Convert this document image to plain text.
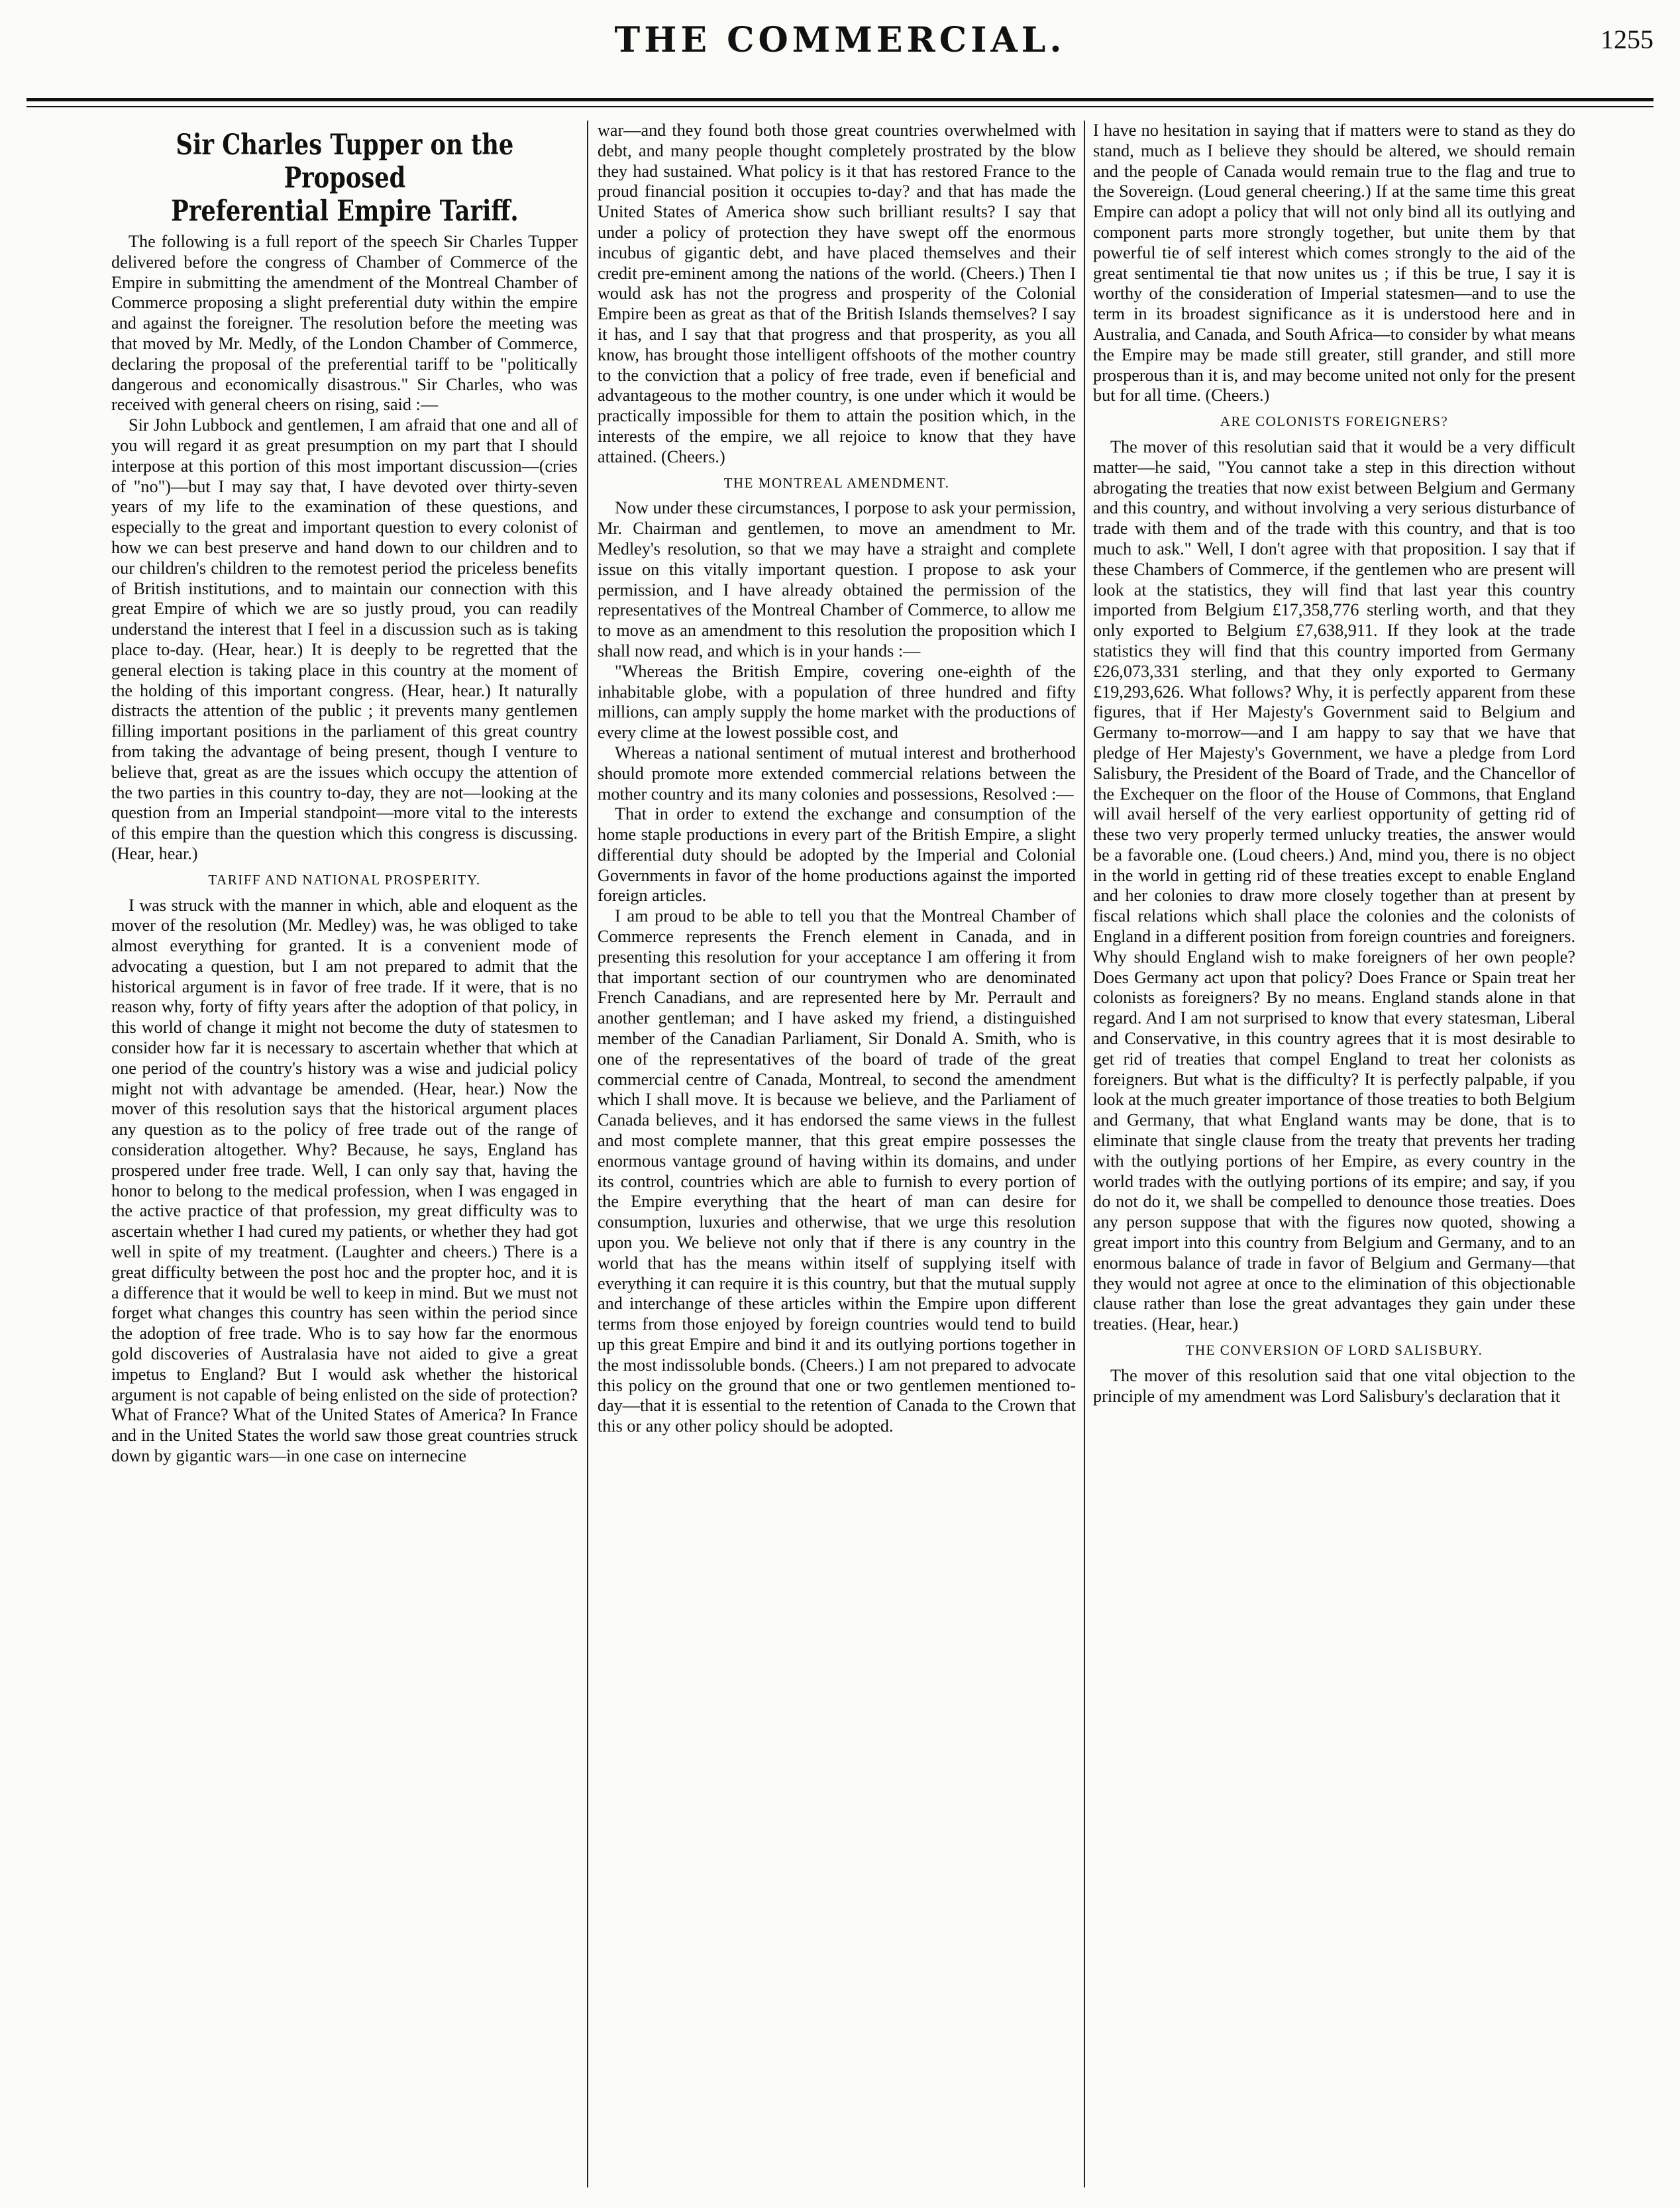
THE COMMERCIAL.	1255
Sir Charles Tupper on the Proposed
Preferential Empire Tariff.

The following is a full report of the speech Sir Charles Tupper delivered before the congress of Chamber of Commerce of the Empire in submitting the amendment of the Montreal Chamber of Commerce proposing a slight preferential duty within the empire and against the foreigner. The resolution before the meeting was that moved by Mr. Medly, of the London Chamber of Commerce, declaring the proposal of the preferential tariff to be "politically dangerous and economically disastrous." Sir Charles, who was received with general cheers on rising, said :—

Sir John Lubbock and gentlemen, I am afraid that one and all of you will regard it as great presumption on my part that I should interpose at this portion of this most important discussion—(cries of "no")—but I may say that, I have devoted over thirty-seven years of my life to the examination of these questions, and especially to the great and important question to every colonist of how we can best preserve and hand down to our children and to our children's children to the remotest period the priceless benefits of British institutions, and to maintain our connection with this great Empire of which we are so justly proud, you can readily understand the interest that I feel in a discussion such as is taking place to-day. (Hear, hear.) It is deeply to be regretted that the general election is taking place in this country at the moment of the holding of this important congress. (Hear, hear.) It naturally distracts the attention of the public ; it prevents many gentlemen filling important positions in the parliament of this great country from taking the advantage of being present, though I venture to believe that, great as are the issues which occupy the attention of the two parties in this country to-day, they are not—looking at the question from an Imperial standpoint—more vital to the interests of this empire than the question which this congress is discussing. (Hear, hear.)

TARIFF AND NATIONAL PROSPERITY.

I was struck with the manner in which, able and eloquent as the mover of the resolution (Mr. Medley) was, he was obliged to take almost everything for granted. It is a convenient mode of advocating a question, but I am not prepared to admit that the historical argument is in favor of free trade. If it were, that is no reason why, forty of fifty years after the adoption of that policy, in this world of change it might not become the duty of statesmen to consider how far it is necessary to ascertain whether that which at one period of the country's history was a wise and judicial policy might not with advantage be amended. (Hear, hear.) Now the mover of this resolution says that the historical argument places any question as to the policy of free trade out of the range of consideration altogether. Why? Because, he says, England has prospered under free trade. Well, I can only say that, having the honor to belong to the medical profession, when I was engaged in the active practice of that profession, my great difficulty was to ascertain whether I had cured my patients, or whether they had got well in spite of my treatment. (Laughter and cheers.) There is a great difficulty between the post hoc and the propter hoc, and it is a difference that it would be well to keep in mind. But we must not forget what changes this country has seen within the period since the adoption of free trade. Who is to say how far the enormous gold discoveries of Australasia have not aided to give a great impetus to England? But I would ask whether the historical argument is not capable of being enlisted on the side of protection? What of France? What of the United States of America? In France and in the United States the world saw those great countries struck down by gigantic wars—in one case on internecine

war—and they found both those great countries overwhelmed with debt, and many people thought completely prostrated by the blow they had sustained. What policy is it that has restored France to the proud financial position it occupies to-day? and that has made the United States of America show such brilliant results? I say that under a policy of protection they have swept off the enormous incubus of gigantic debt, and have placed themselves and their credit pre-eminent among the nations of the world. (Cheers.) Then I would ask has not the progress and prosperity of the Colonial Empire been as great as that of the British Islands themselves? I say it has, and I say that that progress and that prosperity, as you all know, has brought those intelligent offshoots of the mother country to the conviction that a policy of free trade, even if beneficial and advantageous to the mother country, is one under which it would be practically impossible for them to attain the position which, in the interests of the empire, we all rejoice to know that they have attained. (Cheers.)

THE MONTREAL AMENDMENT.

Now under these circumstances, I porpose to ask your permission, Mr. Chairman and gentlemen, to move an amendment to Mr. Medley's resolution, so that we may have a straight and complete issue on this vitally important question. I propose to ask your permission, and I have already obtained the permission of the representatives of the Montreal Chamber of Commerce, to allow me to move as an amendment to this resolution the proposition which I shall now read, and which is in your hands :—

"Whereas the British Empire, covering one-eighth of the inhabitable globe, with a population of three hundred and fifty millions, can amply supply the home market with the productions of every clime at the lowest possible cost, and

Whereas a national sentiment of mutual interest and brotherhood should promote more extended commercial relations between the mother country and its many colonies and possessions, Resolved :—

That in order to extend the exchange and consumption of the home staple productions in every part of the British Empire, a slight differential duty should be adopted by the Imperial and Colonial Governments in favor of the home productions against the imported foreign articles.

I am proud to be able to tell you that the Montreal Chamber of Commerce represents the French element in Canada, and in presenting this resolution for your acceptance I am offering it from that important section of our countrymen who are denominated French Canadians, and are represented here by Mr. Perrault and another gentleman; and I have asked my friend, a distinguished member of the Canadian Parliament, Sir Donald A. Smith, who is one of the representatives of the board of trade of the great commercial centre of Canada, Montreal, to second the amendment which I shall move. It is because we believe, and the Parliament of Canada believes, and it has endorsed the same views in the fullest and most complete manner, that this great empire possesses the enormous vantage ground of having within its domains, and under its control, countries which are able to furnish to every portion of the Empire everything that the heart of man can desire for consumption, luxuries and otherwise, that we urge this resolution upon you. We believe not only that if there is any country in the world that has the means within itself of supplying itself with everything it can require it is this country, but that the mutual supply and interchange of these articles within the Empire upon different terms from those enjoyed by foreign countries would tend to build up this great Empire and bind it and its outlying portions together in the most indissoluble bonds. (Cheers.) I am not prepared to advocate this policy on the ground that one or two gentlemen mentioned to-day—that it is essential to the retention of Canada to the Crown that this or any other policy should be adopted.

I have no hesitation in saying that if matters were to stand as they do stand, much as I believe they should be altered, we should remain and the people of Canada would remain true to the flag and true to the Sovereign. (Loud general cheering.) If at the same time this great Empire can adopt a policy that will not only bind all its outlying and component parts more strongly together, but unite them by that powerful tie of self interest which comes strongly to the aid of the great sentimental tie that now unites us ; if this be true, I say it is worthy of the consideration of Imperial statesmen—and to use the term in its broadest significance as it is understood here and in Australia, and Canada, and South Africa—to consider by what means the Empire may be made still greater, still grander, and still more prosperous than it is, and may become united not only for the present but for all time. (Cheers.)

ARE COLONISTS FOREIGNERS?

The mover of this resolutian said that it would be a very difficult matter—he said, "You cannot take a step in this direction without abrogating the treaties that now exist between Belgium and Germany and this country, and without involving a very serious disturbance of trade with them and of the trade with this country, and that is too much to ask." Well, I don't agree with that proposition. I say that if these Chambers of Commerce, if the gentlemen who are present will look at the statistics, they will find that last year this country imported from Belgium £17,358,776 sterling worth, and that they only exported to Belgium £7,638,911. If they look at the trade statistics they will find that this country imported from Germany £26,073,331 sterling, and that they only exported to Germany £19,293,626. What follows? Why, it is perfectly apparent from these figures, that if Her Majesty's Government said to Belgium and Germany to-morrow—and I am happy to say that we have that pledge of Her Majesty's Government, we have a pledge from Lord Salisbury, the President of the Board of Trade, and the Chancellor of the Exchequer on the floor of the House of Commons, that England will avail herself of the very earliest opportunity of getting rid of these two very properly termed unlucky treaties, the answer would be a favorable one. (Loud cheers.) And, mind you, there is no object in the world in getting rid of these treaties except to enable England and her colonies to draw more closely together than at present by fiscal relations which shall place the colonies and the colonists of England in a different position from foreign countries and foreigners. Why should England wish to make foreigners of her own people? Does Germany act upon that policy? Does France or Spain treat her colonists as foreigners? By no means. England stands alone in that regard. And I am not surprised to know that every statesman, Liberal and Conservative, in this country agrees that it is most desirable to get rid of treaties that compel England to treat her colonists as foreigners. But what is the difficulty? It is perfectly palpable, if you look at the much greater importance of those treaties to both Belgium and Germany, that what England wants may be done, that is to eliminate that single clause from the treaty that prevents her trading with the outlying portions of her Empire, as every country in the world trades with the outlying portions of its empire; and say, if you do not do it, we shall be compelled to denounce those treaties. Does any person suppose that with the figures now quoted, showing a great import into this country from Belgium and Germany, and to an enormous balance of trade in favor of Belgium and Germany—that they would not agree at once to the elimination of this objectionable clause rather than lose the great advantages they gain under these treaties. (Hear, hear.)

THE CONVERSION OF LORD SALISBURY.

The mover of this resolution said that one vital objection to the principle of my amendment was Lord Salisbury's declaration that it
